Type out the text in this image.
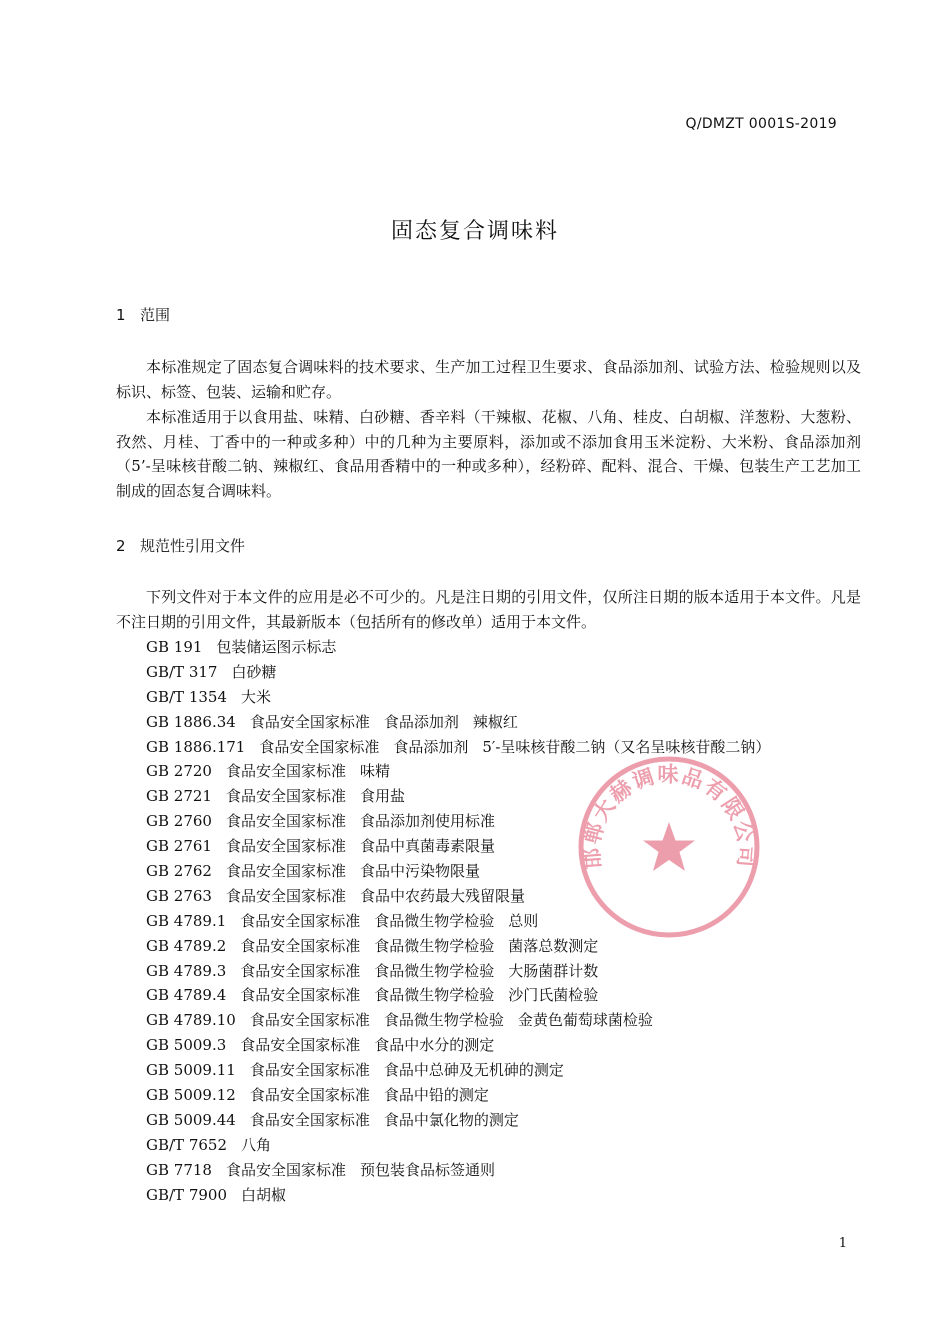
Q/DMZT 0001S-2019
固态复合调味料
1 范围

本标准规定了固态复合调味料的技术要求、生产加工过程卫生要求、食品添加剂、试验方法、检验规则以及标识、标签、包装、运输和贮存。

本标准适用于以食用盐、味精、白砂糖、香辛料（干辣椒、花椒、八角、桂皮、白胡椒、洋葱粉、大葱粉、孜然、月桂、丁香中的一种或多种）中的几种为主要原料，添加或不添加食用玉米淀粉、大米粉、食品添加剂（5’-呈味核苷酸二钠、辣椒红、食品用香精中的一种或多种），经粉碎、配料、混合、干燥、包装生产工艺加工制成的固态复合调味料。

2 规范性引用文件

下列文件对于本文件的应用是必不可少的。凡是注日期的引用文件，仅所注日期的版本适用于本文件。凡是不注日期的引用文件，其最新版本（包括所有的修改单）适用于本文件。

GB 191 包装储运图示标志
GB/T 317 白砂糖
GB/T 1354 大米
GB 1886.34 食品安全国家标准 食品添加剂 辣椒红
GB 1886.171 食品安全国家标准 食品添加剂 5′-呈味核苷酸二钠（又名呈味核苷酸二钠）
GB 2720 食品安全国家标准 味精
GB 2721 食品安全国家标准 食用盐
GB 2760 食品安全国家标准 食品添加剂使用标准
GB 2761 食品安全国家标准 食品中真菌毒素限量
GB 2762 食品安全国家标准 食品中污染物限量
GB 2763 食品安全国家标准 食品中农药最大残留限量
GB 4789.1 食品安全国家标准 食品微生物学检验 总则
GB 4789.2 食品安全国家标准 食品微生物学检验 菌落总数测定
GB 4789.3 食品安全国家标准 食品微生物学检验 大肠菌群计数
GB 4789.4 食品安全国家标准 食品微生物学检验 沙门氏菌检验
GB 4789.10 食品安全国家标准 食品微生物学检验 金黄色葡萄球菌检验
GB 5009.3 食品安全国家标准 食品中水分的测定
GB 5009.11 食品安全国家标准 食品中总砷及无机砷的测定
GB 5009.12 食品安全国家标准 食品中铅的测定
GB 5009.44 食品安全国家标准 食品中氯化物的测定
GB/T 7652 八角
GB 7718 食品安全国家标准 预包装食品标签通则
GB/T 7900 白胡椒
1
邯郸大赫调味品有限公司
